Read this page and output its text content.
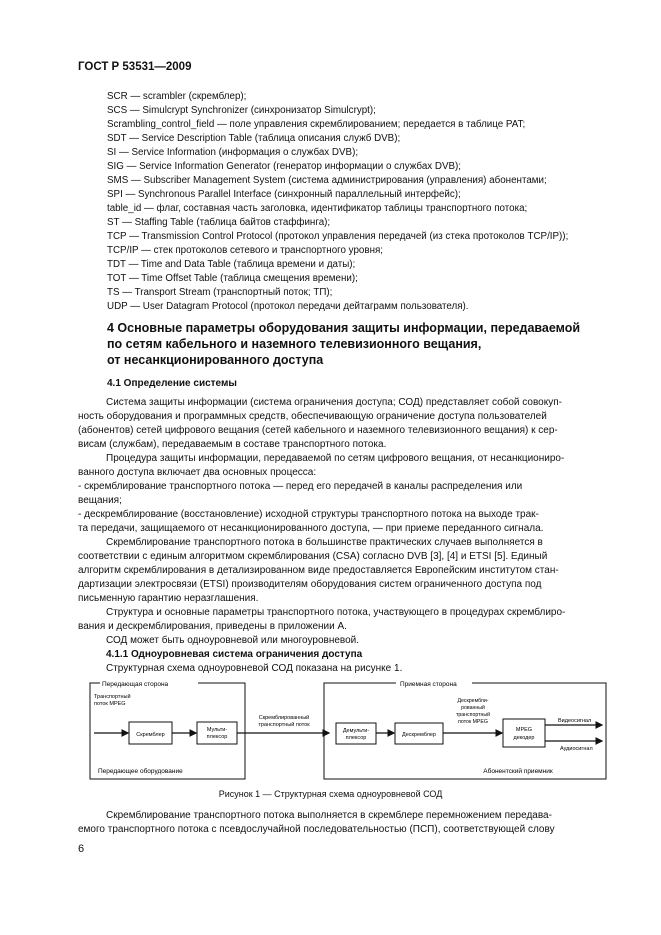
ГОСТ Р 53531—2009
SCR — scrambler (скремблер);
SCS — Simulcrypt Synchronizer (синхронизатор Simulcrypt);
Scrambling_control_field — поле управления скремблированием; передается в таблице PAT;
SDT — Service Description Table (таблица описания служб DVB);
SI — Service Information (информация о службах DVB);
SIG — Service Information Generator (генератор информации о службах DVB);
SMS — Subscriber Management System (система администрирования (управления) абонентами;
SPI — Synchronous Parallel Interface (синхронный параллельный интерфейс);
table_id — флаг, составная часть заголовка, идентификатор таблицы транспортного потока;
ST — Staffing Table (таблица байтов стаффинга);
TCP — Transmission Control Protocol (протокол управления передачей (из стека протоколов TCP/IP));
TCP/IP — стек протоколов сетевого и транспортного уровня;
TDT — Time and Data Table (таблица времени и даты);
TOT — Time Offset Table (таблица смещения времени);
TS — Transport Stream (транспортный поток; ТП);
UDP — User Datagram Protocol (протокол передачи дейтаграмм пользователя).
4 Основные параметры оборудования защиты информации, передаваемой
по сетям кабельного и наземного телевизионного вещания,
от несанкционированного доступа
4.1 Определение системы

Система защиты информации (система ограничения доступа; СОД) представляет собой совокуп-
ность оборудования и программных средств, обеспечивающую ограничение доступа пользователей
(абонентов) сетей цифрового вещания (сетей кабельного и наземного телевизионного вещания) к сер-
висам (службам), передаваемым в составе транспортного потока.

Процедура защиты информации, передаваемой по сетям цифрового вещания, от несанкциониро-
ванного доступа включает два основных процесса:
- скремблирование транспортного потока — перед его передачей в каналы распределения или
вещания;
- дескремблирование (восстановление) исходной структуры транспортного потока на выходе трак-
та передачи, защищаемого от несанкционированного доступа, — при приеме переданного сигнала.

Скремблирование транспортного потока в большинстве практических случаев выполняется в
соответствии с единым алгоритмом скремблирования (CSA) согласно DVB [3], [4] и ETSI [5]. Единый
алгоритм скремблирования в детализированном виде предоставляется Европейским институтом стан-
дартизации электросвязи (ETSI) производителям оборудования систем ограниченного доступа под
письменную гарантию неразглашения.

Структура и основные параметры транспортного потока, участвующего в процедурах скремблиро-
вания и дескремблирования, приведены в приложении А.

СОД может быть одноуровневой или многоуровневой.

4.1.1 Одноуровневая система ограничения доступа

Структурная схема одноуровневой СОД показана на рисунке 1.

Передающая сторона
Транспортный
поток MPEG
Скремблер
Мульти-
плексор
Передающее оборудование
Скремблированный
транспортный поток
Приемная сторона
Демульти-
плексор	Дескремблер
Дескрембли-
рованный
транспортный
поток MPEG
MPEG
декодер
Видеосигнал
Аудиосигнал
Абонентский приемник
Рисунок 1 — Структурная схема одноуровневой СОД

Скремблирование транспортного потока выполняется в скремблере перемножением передава-
емого транспортного потока с псевдослучайной последовательностью (ПСП), соответствующей слову

6
